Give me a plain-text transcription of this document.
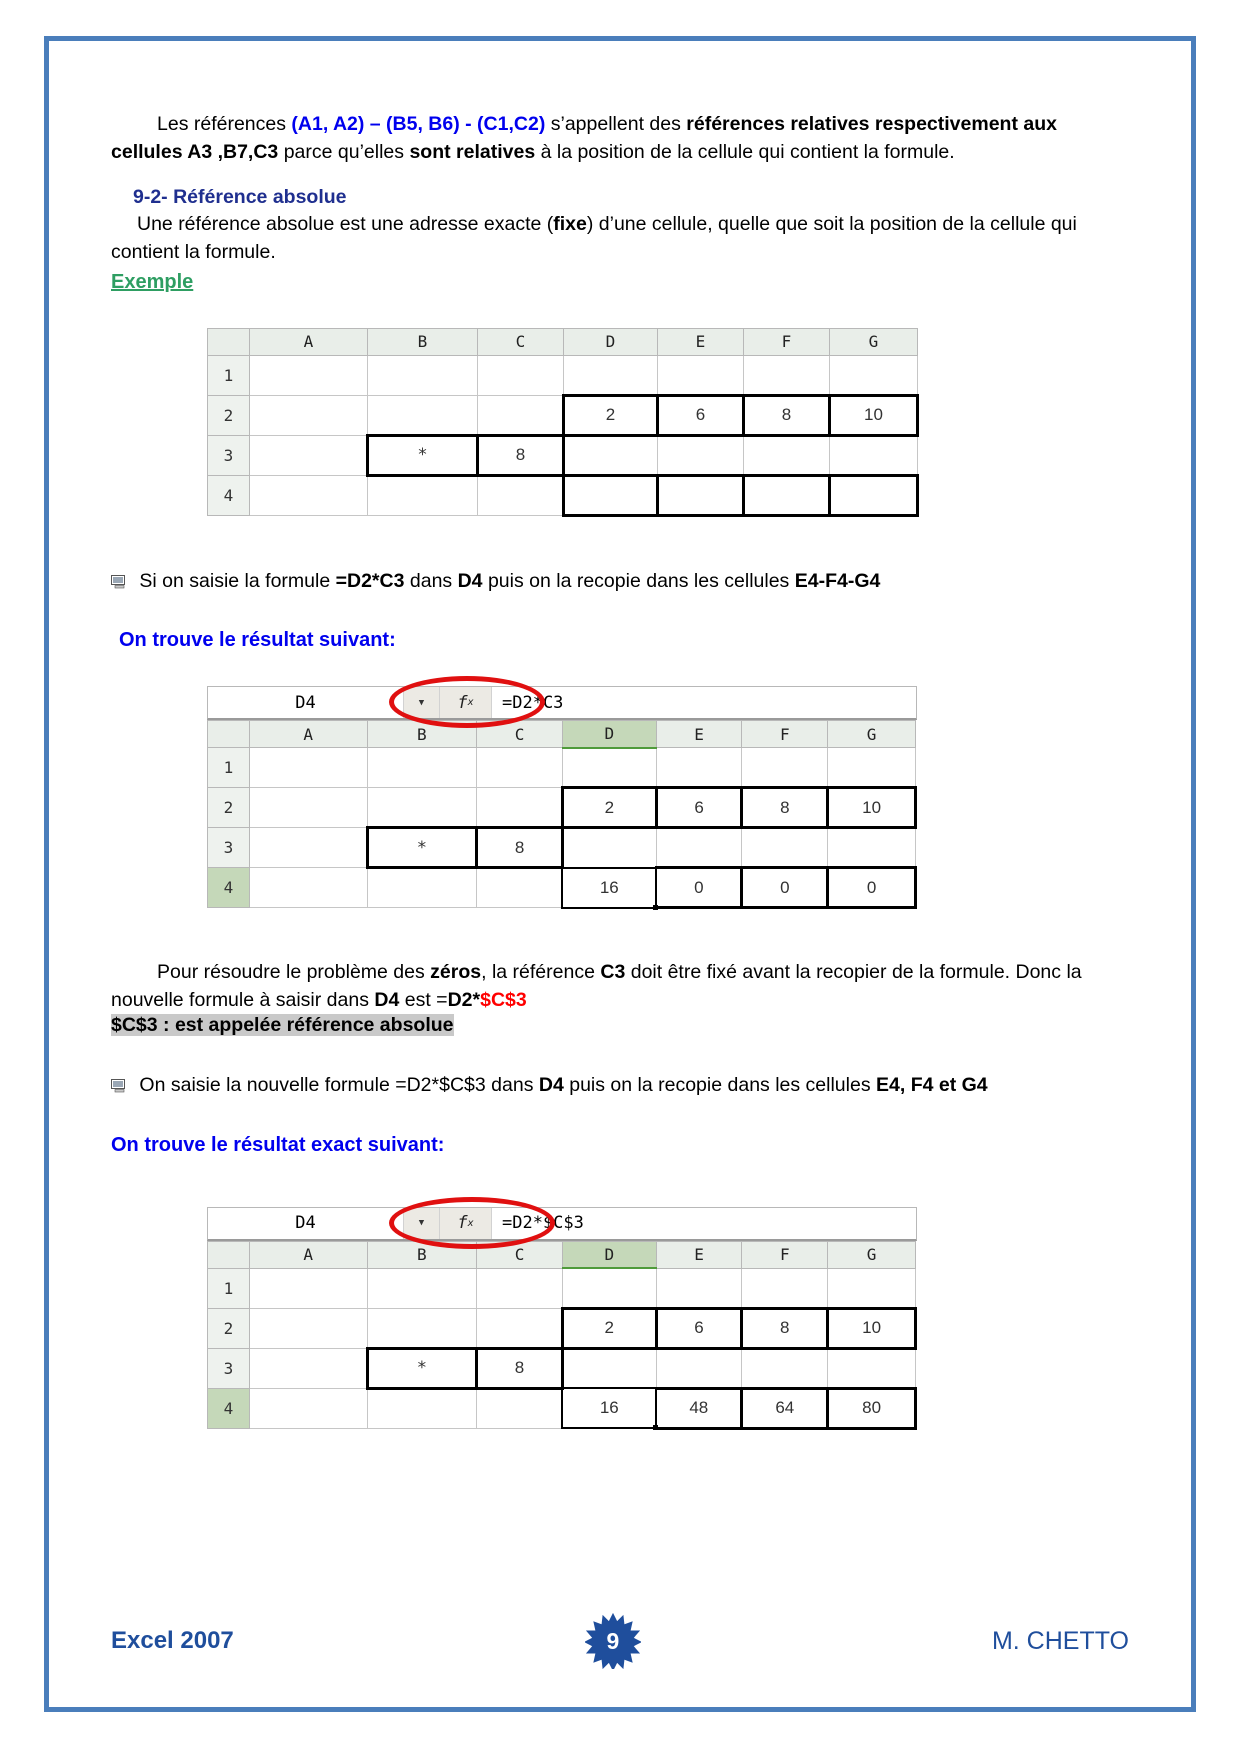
Les références (A1, A2) – (B5, B6) - (C1,C2) s’appellent des références relatives respectivement aux cellules A3 ,B7,C3 parce qu’elles sont relatives à la position de la cellule qui contient la formule.

9-2- Référence absolue

Une référence absolue est une adresse exacte (fixe) d’une cellule, quelle que soit la position de la cellule qui contient la formule.

Exemple
	A	B	C	D	E	F	G
1							
2				2	6	8	10
3		*	8				
4							

Si on saisie la formule =D2*C3 dans D4 puis on la recopie dans les cellules E4-F4-G4

On trouve le résultat suivant:
D4	▼	f x	=D2*C3
	A	B	C	D	E	F	G
1							
2				2	6	8	10
3		*	8				
4				16	0	0	0

Pour résoudre le problème des zéros, la référence C3 doit être fixé avant la recopier de la formule. Donc la nouvelle formule à saisir dans D4 est =D2*$C$3

$C$3 : est appelée référence absolue

On saisie la nouvelle formule =D2*$C$3 dans D4 puis on la recopie dans les cellules E4, F4 et G4

On trouve le résultat exact suivant:
D4	▼	f x	=D2*$C$3
	A	B	C	D	E	F	G
1							
2				2	6	8	10
3		*	8				
4				16	48	64	80
Excel 2007	9	M. CHETTO
